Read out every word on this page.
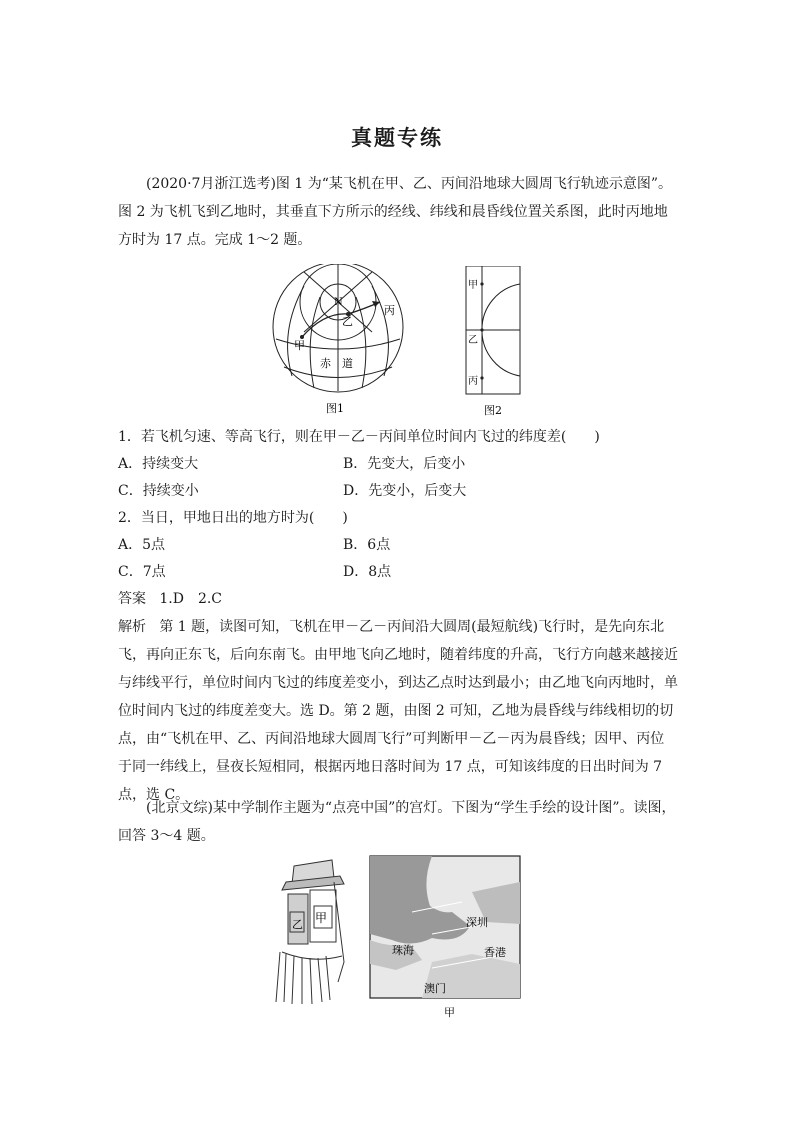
真题专练
(2020·7月浙江选考)图 1 为“某飞机在甲、乙、丙间沿地球大圆周飞行轨迹示意图”。图 2 为飞机飞到乙地时，其垂直下方所示的经线、纬线和晨昏线位置关系图，此时丙地地方时为 17 点。完成 1～2 题。
N
甲
乙
丙
赤 道
图1
甲
乙
丙
图2
1．若飞机匀速、等高飞行，则在甲－乙－丙间单位时间内飞过的纬度差(　　)
A．持续变大	B．先变大，后变小
C．持续变小	D．先变小，后变大
2．当日，甲地日出的地方时为(　　)
A．5点	B．6点
C．7点	D．8点
答案 1.D　2.C
解析 第 1 题，读图可知，飞机在甲－乙－丙间沿大圆周(最短航线)飞行时，是先向东北飞，再向正东飞，后向东南飞。由甲地飞向乙地时，随着纬度的升高，飞行方向越来越接近与纬线平行，单位时间内飞过的纬度差变小，到达乙点时达到最小；由乙地飞向丙地时，单位时间内飞过的纬度差变大。选 D。第 2 题，由图 2 可知，乙地为晨昏线与纬线相切的切点，由“飞机在甲、乙、丙间沿地球大圆周飞行”可判断甲－乙－丙为晨昏线；因甲、丙位于同一纬线上，昼夜长短相同，根据丙地日落时间为 17 点，可知该纬度的日出时间为 7 点，选 C。
(北京文综)某中学制作主题为“点亮中国”的宫灯。下图为“学生手绘的设计图”。读图，回答 3～4 题。
甲
乙	深圳
珠海	香港
澳门
甲
